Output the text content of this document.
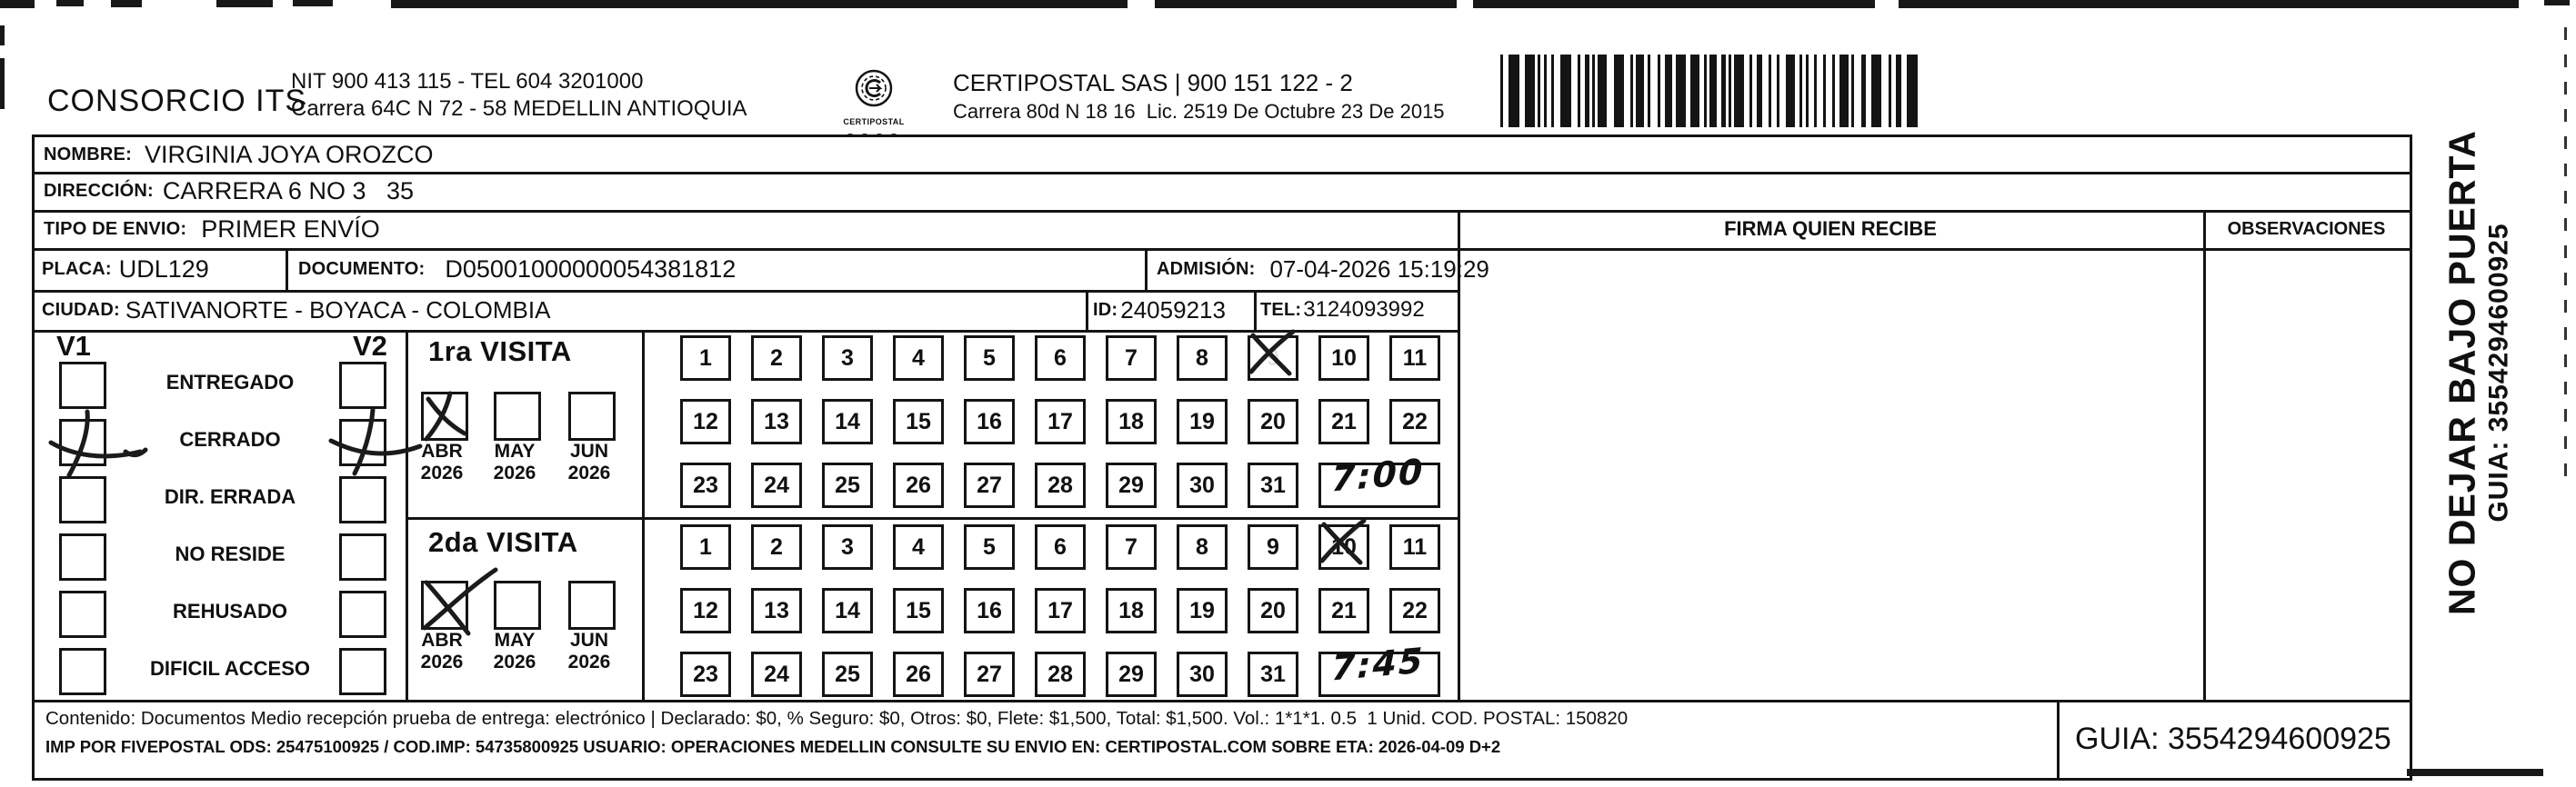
CONSORCIO ITS
NIT 900 413 115 - TEL 604 3201000
Carrera 64C N 72 - 58 MEDELLIN ANTIOQUIA
CERTIPOSTAL
CERTIPOSTAL SAS | 900 151 122 - 2
Carrera 80d N 18 16  Lic. 2519 De Octubre 23 De 2015
NOMBRE: VIRGINIA JOYA OROZCO
DIRECCIÓN: CARRERA 6 NO 3   35
TIPO DE ENVIO: PRIMER ENVÍO
PLACA: UDL129	DOCUMENTO: D05001000000054381812	ADMISIÓN: 07-04-2026 15:19:29
CIUDAD: SATIVANORTE - BOYACA - COLOMBIA	ID: 24059213 TEL: 3124093992
V1	V2
ENTREGADO
CERRADO
DIR. ERRADA
NO RESIDE
REHUSADO
DIFICIL ACCESO
1ra VISITA
ABR
2026
MAY
2026
JUN
2026
2da VISITA
ABR
2026
MAY
2026
JUN
2026
1	2	3	4	5	6	7	8	9	10	11
12	13	14	15	16	17	18	19	20	21	22
23	24	25	26	27	28	29	30	31	7:00
1	2	3	4	5	6	7	8	9	10	11
12	13	14	15	16	17	18	19	20	21	22
23	24	25	26	27	28	29	30	31	7:45
FIRMA QUIEN RECIBE	OBSERVACIONES
Contenido: Documentos Medio recepción prueba de entrega: electrónico | Declarado: $0, % Seguro: $0, Otros: $0, Flete: $1,500, Total: $1,500. Vol.: 1*1*1. 0.5  1 Unid. COD. POSTAL: 150820
IMP POR FIVEPOSTAL ODS: 25475100925 / COD.IMP: 54735800925 USUARIO: OPERACIONES MEDELLIN CONSULTE SU ENVIO EN: CERTIPOSTAL.COM SOBRE ETA: 2026-04-09 D+2	GUIA: 3554294600925
NO DEJAR BAJO PUERTA GUIA: 3554294600925
